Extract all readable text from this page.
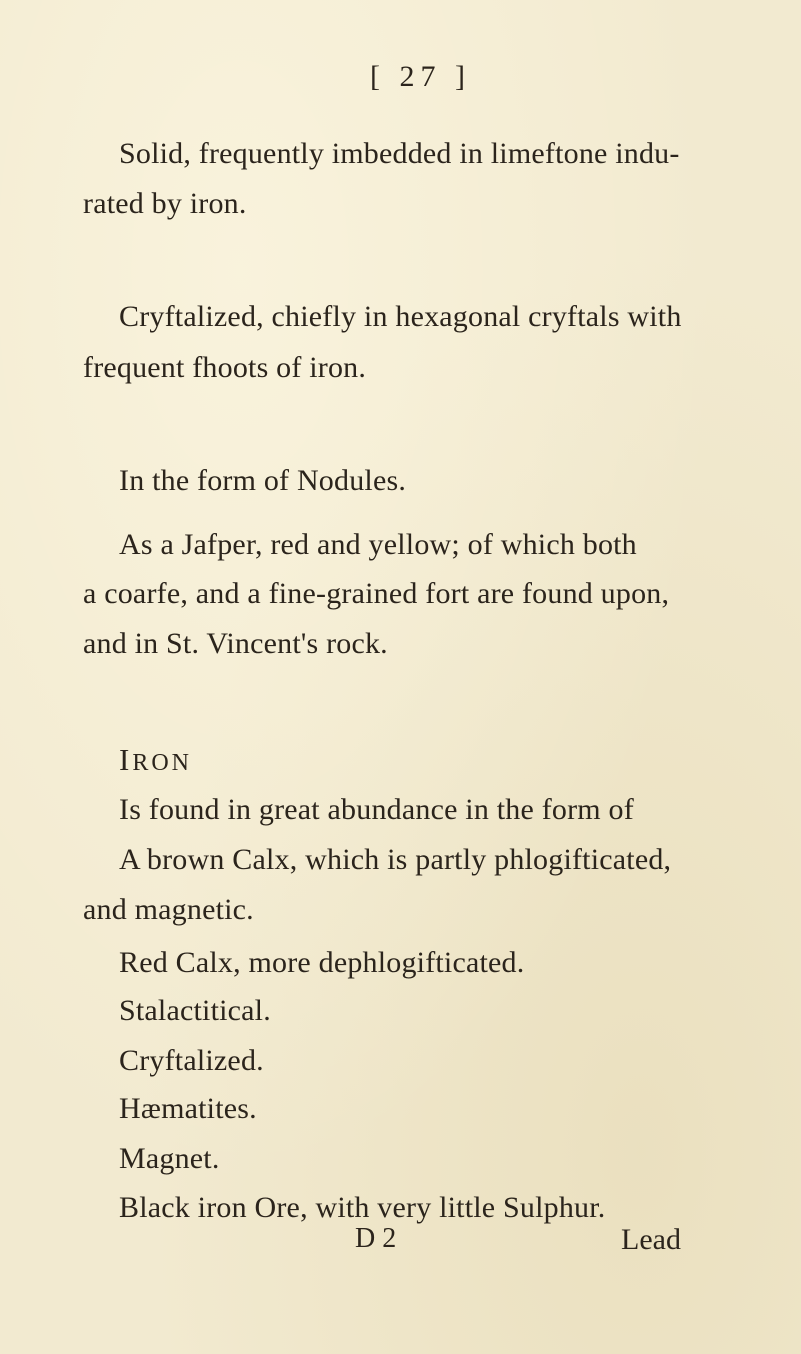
[ 27 ]
Solid, frequently imbedded in limeftone indu-
rated by iron.
Cryftalized, chiefly in hexagonal cryftals with
frequent fhoots of iron.
In the form of Nodules.
As a Jafper, red and yellow; of which both
a coarfe, and a fine-grained fort are found upon,
and in St. Vincent's rock.
IRON
Is found in great abundance in the form of
A brown Calx, which is partly phlogifticated,
and magnetic.
Red Calx, more dephlogifticated.
Stalactitical.
Cryftalized.
Hæmatites.
Magnet.
Black iron Ore, with very little Sulphur.
D 2	Lead
